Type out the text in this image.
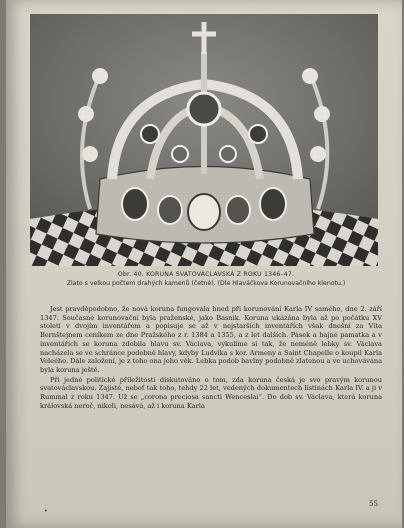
Obr. 40. KORUNA SVATOVÁCLAVSKÁ Z ROKU 1346–47.
Zlato s velkou počtem drahých kamenů (četné). (Dle Hlaváčkova Korunovačního klenotu.)

Jest pravděpodobno, že nová koruna fungovala hned při korunování Karla IV samého, dne 2. září 1347. Současné korunovační byla praženské, jako Basnik. Koruna ukázána byla až po počátku XV století v dvojím inventářem a popisuje se až v nejstarších inventářích však dnešní za Víta Bernštejnem ceníkem ze dne Pražského z r. 1384 a 1355, a z let dalších. Pásek a bajné pamatka a v inventářích se koruna zdobila hlavu sv. Václava, vykulíme si tak, že neméně lebky sv. Václava nacházela se ve schránce podobně hlavy, kdyby Ludvíka s kor. Armeny a Saint Chapelle o koupil Karla Veleého. Dále založení, je z toho ona jeho věk. Lebka podob bavlny podobně zlatenou a ve uchovávána byla koruna ještě.

Při jedné politické příležitosti diskutováno o tom, zda koruna česká je svo pravým korunou svatováclavskou. Zajisté, neboť tak toho, tehdy 22 let, vedených dokumentech listinách Karla IV. a ji v Rummal z roku 1347. Už se „corona preciosa sancti Wenceslai“. Do dob sv. Václava, která koruna královská neroč, nikoli, nesává, až i koruna Karla

•
55
